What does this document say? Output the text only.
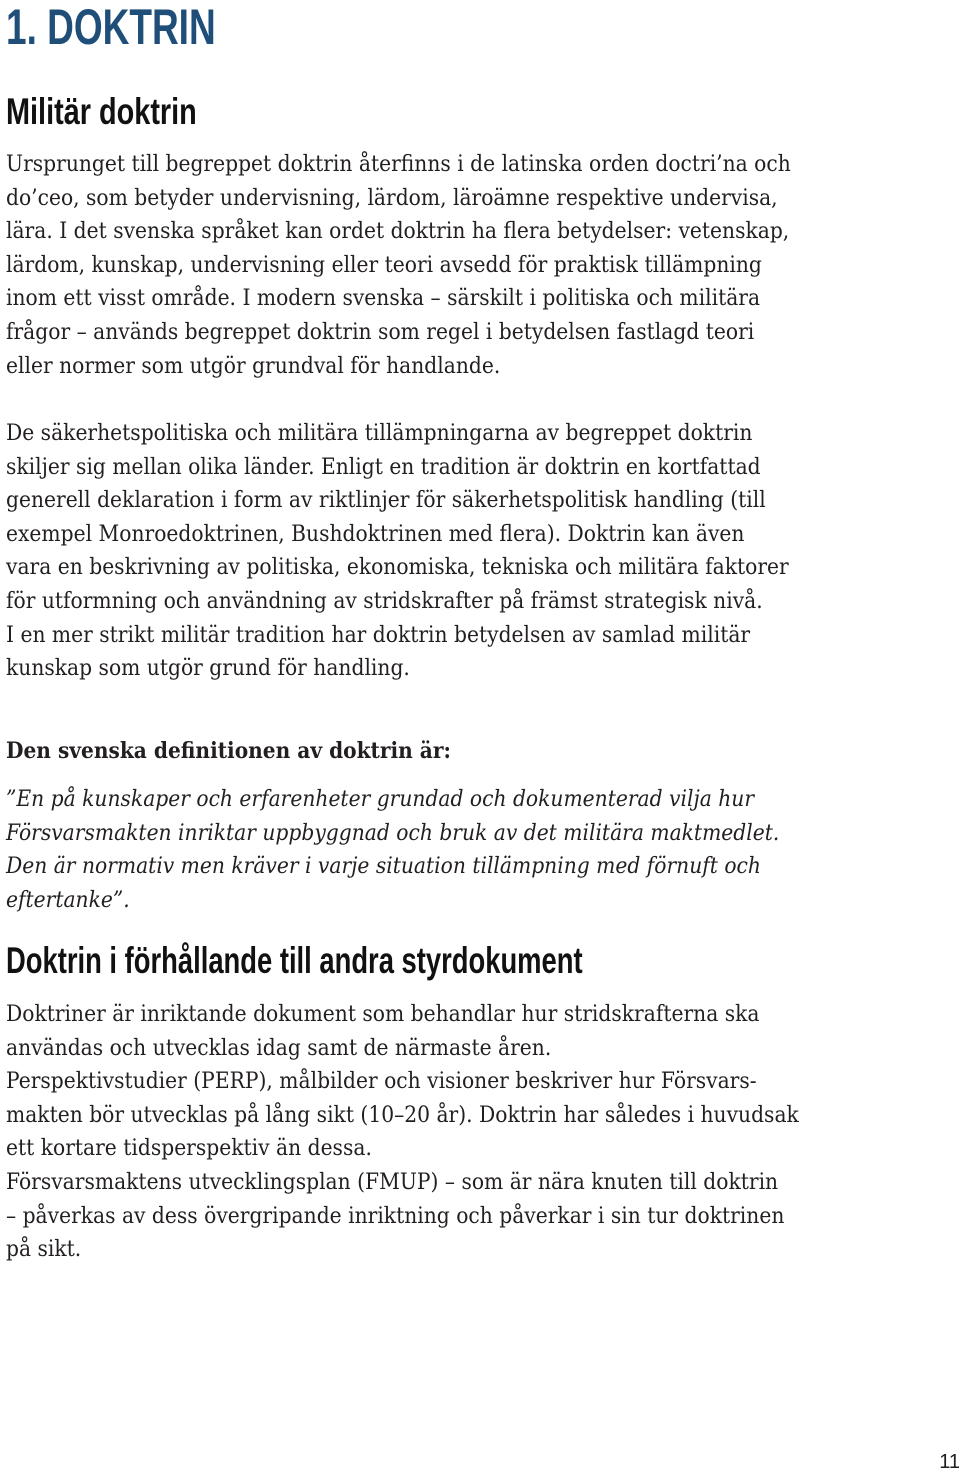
1. DOKTRIN
Militär doktrin
Ursprunget till begreppet doktrin återfinns i de latinska orden doctri’na och
do’ceo, som betyder undervisning, lärdom, läroämne respektive undervisa,
lära. I det svenska språket kan ordet doktrin ha flera betydelser: vetenskap,
lärdom, kunskap, undervisning eller teori avsedd för praktisk tillämpning
inom ett visst område. I modern svenska – särskilt i politiska och militära
frågor – används begreppet doktrin som regel i betydelsen fastlagd teori
eller normer som utgör grundval för handlande.
De säkerhetspolitiska och militära tillämpningarna av begreppet doktrin
skiljer sig mellan olika länder. Enligt en tradition är doktrin en kortfattad
generell deklaration i form av riktlinjer för säkerhetspolitisk handling (till
exempel Monroedoktrinen, Bushdoktrinen med flera). Doktrin kan även
vara en beskrivning av politiska, ekonomiska, tekniska och militära faktorer
för utformning och användning av stridskrafter på främst strategisk nivå.
I en mer strikt militär tradition har doktrin betydelsen av samlad militär
kunskap som utgör grund för handling.
Den svenska definitionen av doktrin är:
”En på kunskaper och erfarenheter grundad och dokumenterad vilja hur
Försvarsmakten inriktar uppbyggnad och bruk av det militära maktmedlet.
Den är normativ men kräver i varje situation tillämpning med förnuft och
eftertanke”.
Doktrin i förhållande till andra styrdokument
Doktriner är inriktande dokument som behandlar hur stridskrafterna ska
användas och utvecklas idag samt de närmaste åren.
Perspektivstudier (PERP), målbilder och visioner beskriver hur Försvars-
makten bör utvecklas på lång sikt (10–20 år). Doktrin har således i huvudsak
ett kortare tidsperspektiv än dessa.
Försvarsmaktens utvecklingsplan (FMUP) – som är nära knuten till doktrin
– påverkas av dess övergripande inriktning och påverkar i sin tur doktrinen
på sikt.
11
